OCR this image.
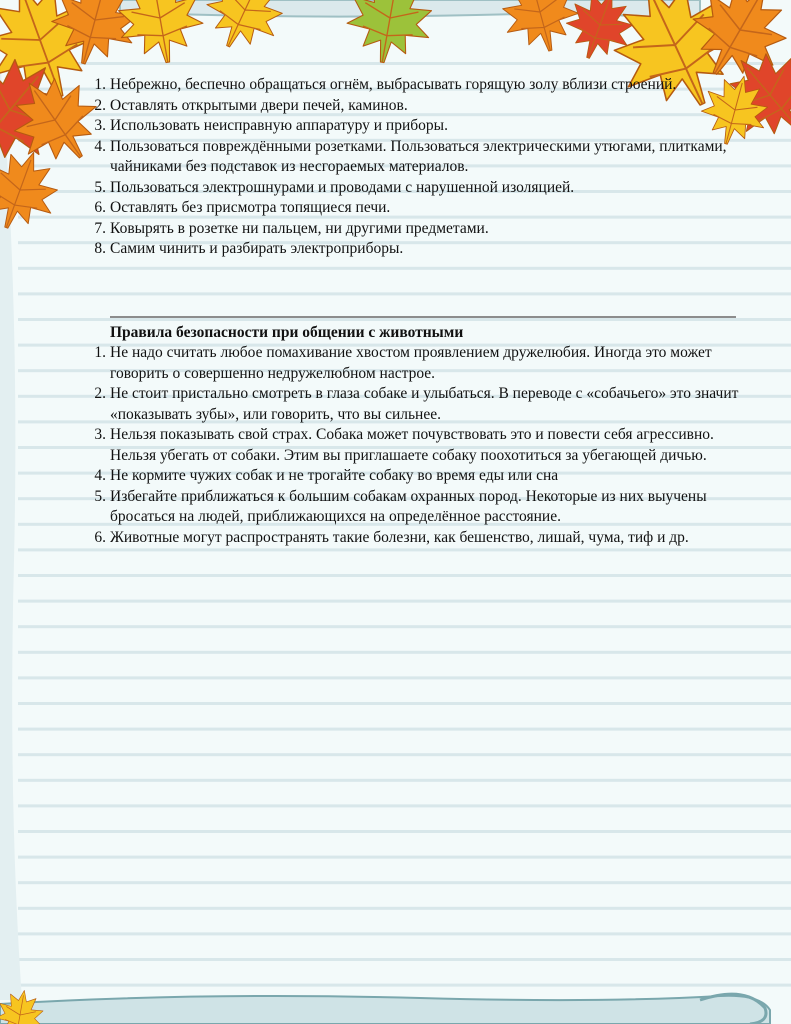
1. Небрежно, беспечно обращаться огнём, выбрасывать горящую золу вблизи строений.
2. Оставлять открытыми двери печей, каминов.
3. Использовать неисправную аппаратуру и приборы.
4. Пользоваться повреждёнными розетками. Пользоваться электрическими утюгами, плитками, чайниками без подставок из несгораемых материалов.
5. Пользоваться электрошнурами и проводами с нарушенной изоляцией.
6. Оставлять без присмотра топящиеся печи.
7. Ковырять в розетке ни пальцем, ни другими предметами.
8. Самим чинить и разбирать электроприборы.
Правила безопасности при общении с животными
1. Не надо считать любое помахивание хвостом проявлением дружелюбия. Иногда это может говорить о совершенно недружелюбном настрое.
2. Не стоит пристально смотреть в глаза собаке и улыбаться. В переводе с «собачьего» это значит «показывать зубы», или говорить, что вы сильнее.
3. Нельзя показывать свой страх. Собака может почувствовать это и повести себя агрессивно. Нельзя убегать от собаки. Этим вы приглашаете собаку поохотиться за убегающей дичью.
4. Не кормите чужих собак и не трогайте собаку во время еды или сна
5. Избегайте приближаться к большим собакам охранных пород. Некоторые из них выучены бросаться на людей, приближающихся на определённое расстояние.
6. Животные могут распространять такие болезни, как бешенство, лишай, чума, тиф и др.
